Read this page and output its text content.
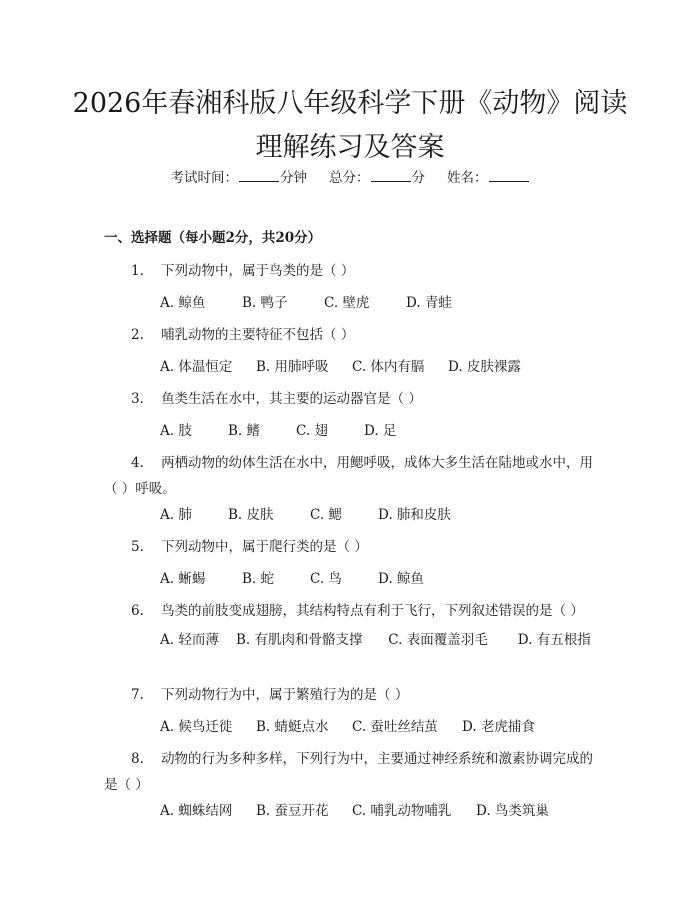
2026年春湘科版八年级科学下册《动物》阅读理解练习及答案
考试时间：	分钟 总分：	分 姓名：
一、选择题（每小题2分，共20分）
1. 下列动物中，属于鸟类的是（ ）
A. 鲸鱼	B. 鸭子	C. 壁虎	D. 青蛙
2. 哺乳动物的主要特征不包括（ ）
A. 体温恒定 B. 用肺呼吸 C. 体内有膈 D. 皮肤裸露
3. 鱼类生活在水中，其主要的运动器官是（ ）
A. 肢	B. 鳍	C. 翅	D. 足
4. 两栖动物的幼体生活在水中，用鳃呼吸，成体大多生活在陆地或水中，用（ ）呼吸。
A. 肺	B. 皮肤	C. 鳃	D. 肺和皮肤
5. 下列动物中，属于爬行类的是（ ）
A. 蜥蜴	B. 蛇	C. 鸟	D. 鲸鱼
6. 鸟类的前肢变成翅膀，其结构特点有利于飞行，下列叙述错误的是（ ）
A. 轻而薄 B. 有肌肉和骨骼支撑 C. 表面覆盖羽毛 D. 有五根指
7. 下列动物行为中，属于繁殖行为的是（ ）
A. 候鸟迁徙 B. 蜻蜓点水 C. 蚕吐丝结茧 D. 老虎捕食
8. 动物的行为多种多样，下列行为中，主要通过神经系统和激素协调完成的是（ ）
A. 蜘蛛结网 B. 蚕豆开花 C. 哺乳动物哺乳 D. 鸟类筑巢
